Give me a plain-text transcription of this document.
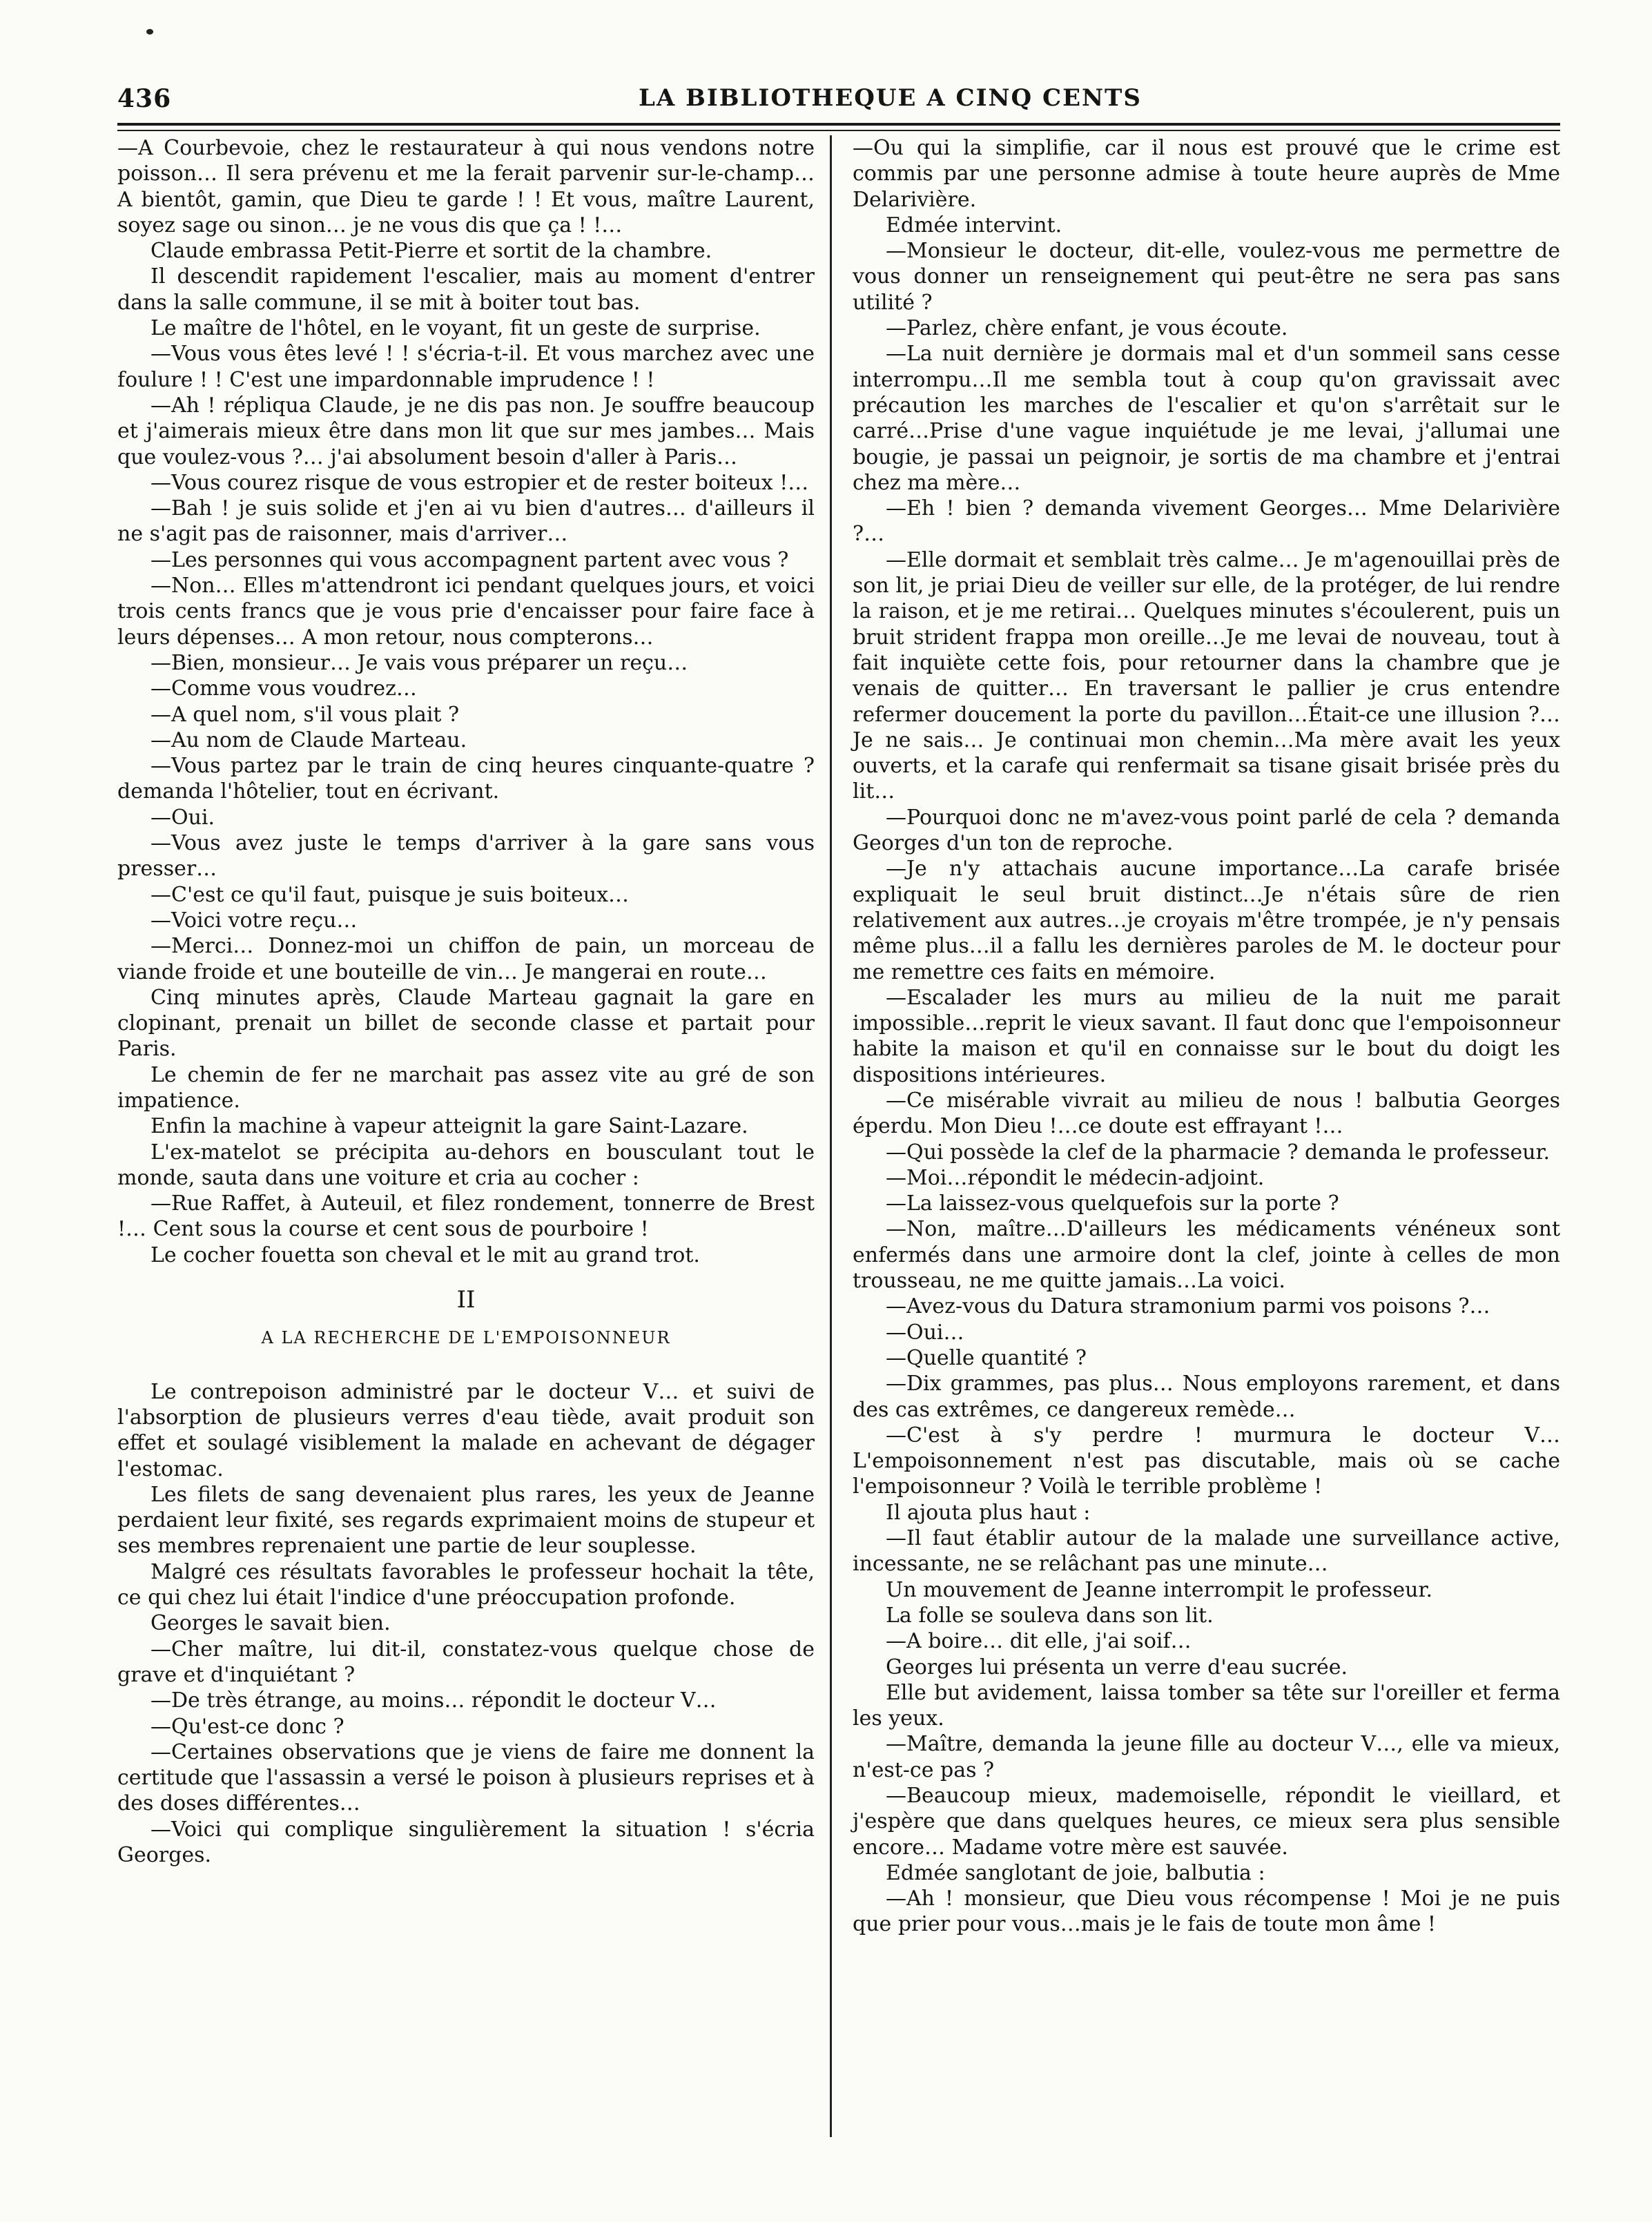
436	LA BIBLIOTHEQUE A CINQ CENTS

—A Courbevoie, chez le restaurateur à qui nous vendons notre poisson… Il sera prévenu et me la ferait parvenir sur-le-champ… A bientôt, gamin, que Dieu te garde ! ! Et vous, maître Laurent, soyez sage ou sinon… je ne vous dis que ça ! !…

Claude embrassa Petit-Pierre et sortit de la chambre.

Il descendit rapidement l'escalier, mais au moment d'entrer dans la salle commune, il se mit à boiter tout bas.

Le maître de l'hôtel, en le voyant, fit un geste de surprise.

—Vous vous êtes levé ! ! s'écria-t-il. Et vous marchez avec une foulure ! ! C'est une impardonnable imprudence ! !

—Ah ! répliqua Claude, je ne dis pas non. Je souffre beaucoup et j'aimerais mieux être dans mon lit que sur mes jambes… Mais que voulez-vous ?… j'ai absolument besoin d'aller à Paris…

—Vous courez risque de vous estropier et de rester boiteux !…

—Bah ! je suis solide et j'en ai vu bien d'autres… d'ailleurs il ne s'agit pas de raisonner, mais d'arriver…

—Les personnes qui vous accompagnent partent avec vous ?

—Non… Elles m'attendront ici pendant quelques jours, et voici trois cents francs que je vous prie d'encaisser pour faire face à leurs dépenses… A mon retour, nous compterons…

—Bien, monsieur… Je vais vous préparer un reçu…

—Comme vous voudrez…

—A quel nom, s'il vous plait ?

—Au nom de Claude Marteau.

—Vous partez par le train de cinq heures cinquante-quatre ? demanda l'hôtelier, tout en écrivant.

—Oui.

—Vous avez juste le temps d'arriver à la gare sans vous presser…

—C'est ce qu'il faut, puisque je suis boiteux…

—Voici votre reçu…

—Merci… Donnez-moi un chiffon de pain, un morceau de viande froide et une bouteille de vin… Je mangerai en route…

Cinq minutes après, Claude Marteau gagnait la gare en clopinant, prenait un billet de seconde classe et partait pour Paris.

Le chemin de fer ne marchait pas assez vite au gré de son impatience.

Enfin la machine à vapeur atteignit la gare Saint-Lazare.

L'ex-matelot se précipita au-dehors en bousculant tout le monde, sauta dans une voiture et cria au cocher :

—Rue Raffet, à Auteuil, et filez rondement, tonnerre de Brest !… Cent sous la course et cent sous de pourboire !

Le cocher fouetta son cheval et le mit au grand trot.

II
A LA RECHERCHE DE L'EMPOISONNEUR

Le contrepoison administré par le docteur V… et suivi de l'absorption de plusieurs verres d'eau tiède, avait produit son effet et soulagé visiblement la malade en achevant de dégager l'estomac.

Les filets de sang devenaient plus rares, les yeux de Jeanne perdaient leur fixité, ses regards exprimaient moins de stupeur et ses membres reprenaient une partie de leur souplesse.

Malgré ces résultats favorables le professeur hochait la tête, ce qui chez lui était l'indice d'une préoccupation profonde.

Georges le savait bien.

—Cher maître, lui dit-il, constatez-vous quelque chose de grave et d'inquiétant ?

—De très étrange, au moins… répondit le docteur V…

—Qu'est-ce donc ?

—Certaines observations que je viens de faire me donnent la certitude que l'assassin a versé le poison à plusieurs reprises et à des doses différentes…

—Voici qui complique singulièrement la situation ! s'écria Georges.

—Ou qui la simplifie, car il nous est prouvé que le crime est commis par une personne admise à toute heure auprès de Mme Delarivière.

Edmée intervint.

—Monsieur le docteur, dit-elle, voulez-vous me permettre de vous donner un renseignement qui peut-être ne sera pas sans utilité ?

—Parlez, chère enfant, je vous écoute.

—La nuit dernière je dormais mal et d'un sommeil sans cesse interrompu…Il me sembla tout à coup qu'on gravissait avec précaution les marches de l'escalier et qu'on s'arrêtait sur le carré…Prise d'une vague inquiétude je me levai, j'allumai une bougie, je passai un peignoir, je sortis de ma chambre et j'entrai chez ma mère…

—Eh ! bien ? demanda vivement Georges… Mme Delarivière ?…

—Elle dormait et semblait très calme… Je m'agenouillai près de son lit, je priai Dieu de veiller sur elle, de la protéger, de lui rendre la raison, et je me retirai… Quelques minutes s'écoulerent, puis un bruit strident frappa mon oreille…Je me levai de nouveau, tout à fait inquiète cette fois, pour retourner dans la chambre que je venais de quitter… En traversant le pallier je crus entendre refermer doucement la porte du pavillon…Était-ce une illusion ?… Je ne sais… Je continuai mon chemin…Ma mère avait les yeux ouverts, et la carafe qui renfermait sa tisane gisait brisée près du lit…

—Pourquoi donc ne m'avez-vous point parlé de cela ? demanda Georges d'un ton de reproche.

—Je n'y attachais aucune importance…La carafe brisée expliquait le seul bruit distinct…Je n'étais sûre de rien relativement aux autres…je croyais m'être trompée, je n'y pensais même plus…il a fallu les dernières paroles de M. le docteur pour me remettre ces faits en mémoire.

—Escalader les murs au milieu de la nuit me parait impossible…reprit le vieux savant. Il faut donc que l'empoisonneur habite la maison et qu'il en connaisse sur le bout du doigt les dispositions intérieures.

—Ce misérable vivrait au milieu de nous ! balbutia Georges éperdu. Mon Dieu !…ce doute est effrayant !…

—Qui possède la clef de la pharmacie ? demanda le professeur.

—Moi…répondit le médecin-adjoint.

—La laissez-vous quelquefois sur la porte ?

—Non, maître…D'ailleurs les médicaments vénéneux sont enfermés dans une armoire dont la clef, jointe à celles de mon trousseau, ne me quitte jamais…La voici.

—Avez-vous du Datura stramonium parmi vos poisons ?…

—Oui…

—Quelle quantité ?

—Dix grammes, pas plus… Nous employons rarement, et dans des cas extrêmes, ce dangereux remède…

—C'est à s'y perdre ! murmura le docteur V… L'empoisonnement n'est pas discutable, mais où se cache l'empoisonneur ? Voilà le terrible problème !

Il ajouta plus haut :

—Il faut établir autour de la malade une surveillance active, incessante, ne se relâchant pas une minute…

Un mouvement de Jeanne interrompit le professeur.

La folle se souleva dans son lit.

—A boire… dit elle, j'ai soif…

Georges lui présenta un verre d'eau sucrée.

Elle but avidement, laissa tomber sa tête sur l'oreiller et ferma les yeux.

—Maître, demanda la jeune fille au docteur V…, elle va mieux, n'est-ce pas ?

—Beaucoup mieux, mademoiselle, répondit le vieillard, et j'espère que dans quelques heures, ce mieux sera plus sensible encore… Madame votre mère est sauvée.

Edmée sanglotant de joie, balbutia :

—Ah ! monsieur, que Dieu vous récompense ! Moi je ne puis que prier pour vous…mais je le fais de toute mon âme !
